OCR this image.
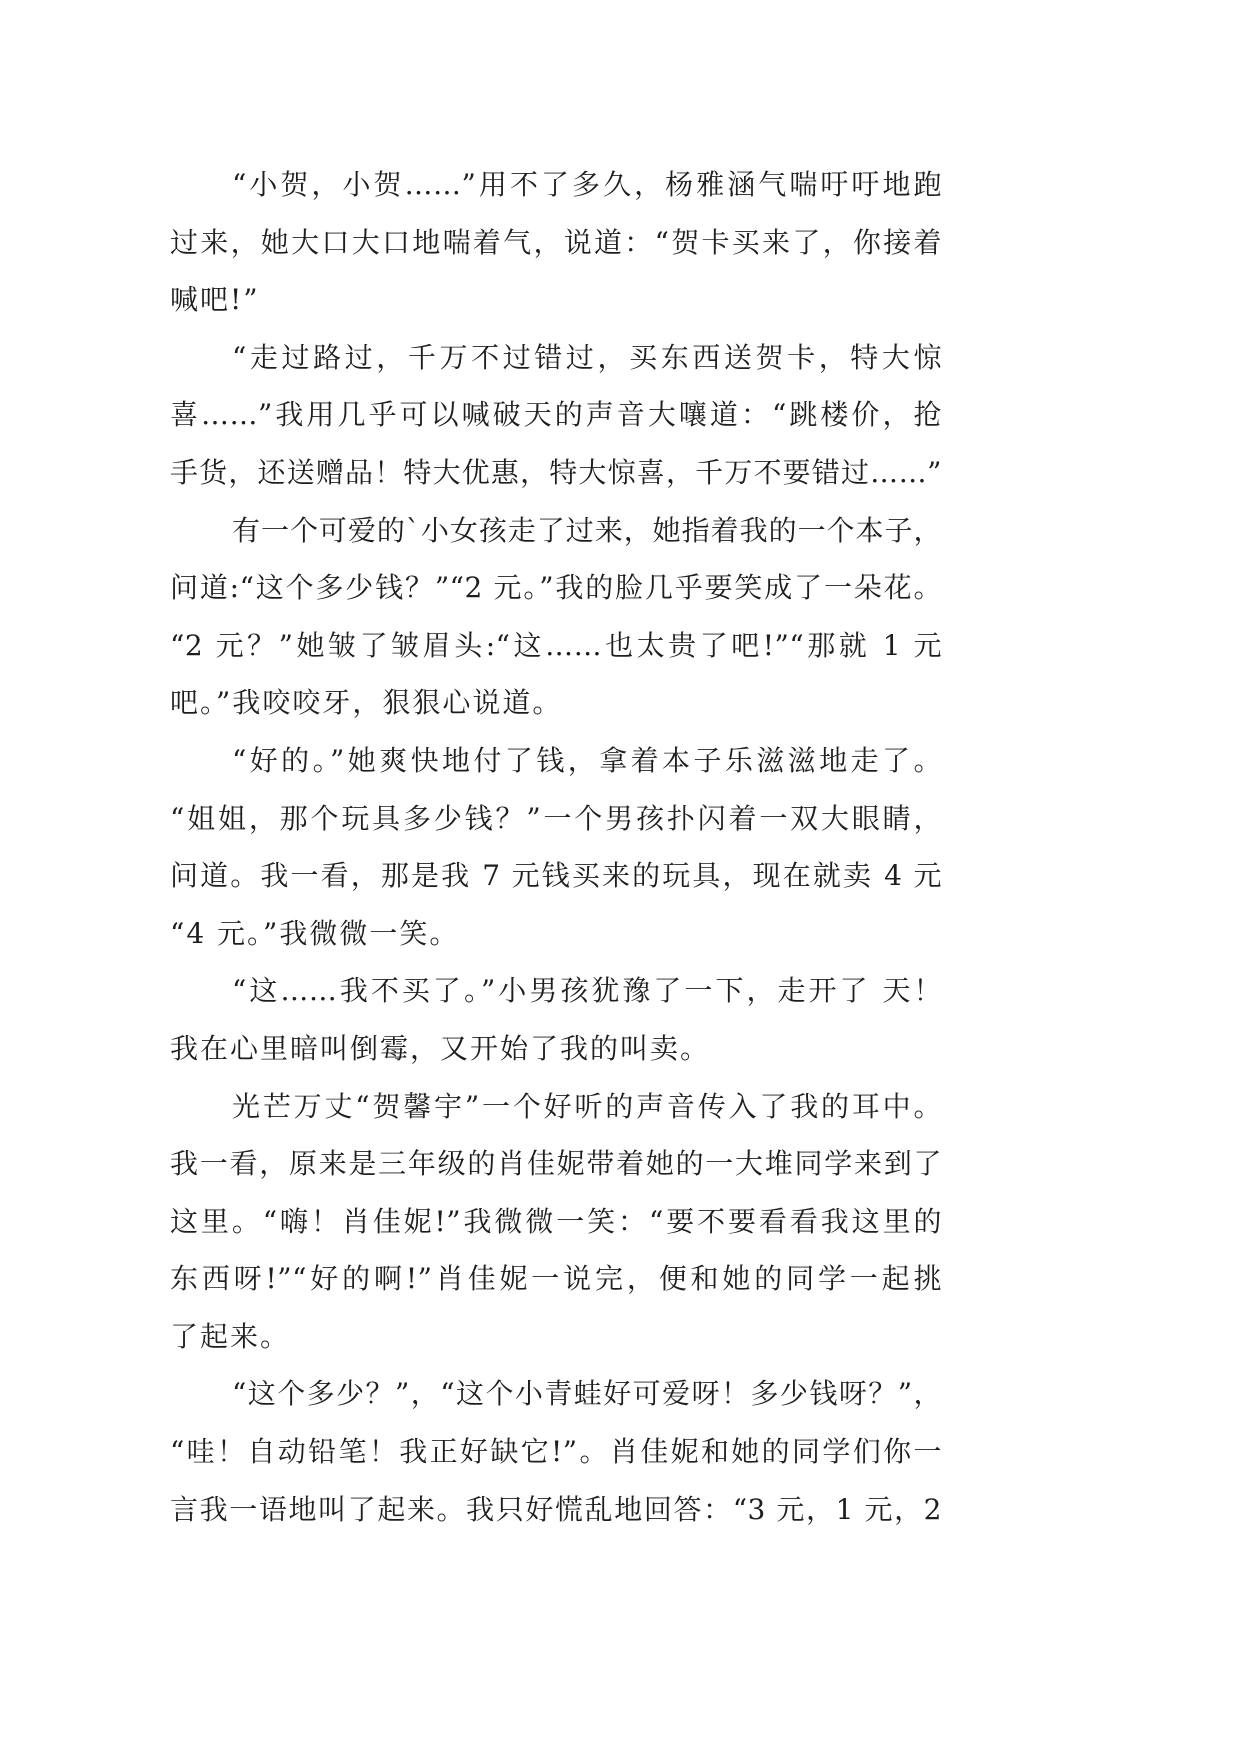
“小贺，小贺……”用不了多久，杨雅涵气喘吁吁地跑
过来，她大口大口地喘着气，说道：“贺卡买来了，你接着
喊吧!”
“走过路过，千万不过错过，买东西送贺卡，特大惊
喜……”我用几乎可以喊破天的声音大嚷道：“跳楼价，抢
手货，还送赠品！特大优惠，特大惊喜，千万不要错过……”
有一个可爱的`小女孩走了过来，她指着我的一个本子，
问道:“这个多少钱？”“2 元。”我的脸几乎要笑成了一朵花。
“2 元？”她皱了皱眉头:“这……也太贵了吧!”“那就 1 元
吧。”我咬咬牙，狠狠心说道。
“好的。”她爽快地付了钱，拿着本子乐滋滋地走了。
“姐姐，那个玩具多少钱？”一个男孩扑闪着一双大眼睛，
问道。我一看，那是我 7 元钱买来的玩具，现在就卖 4 元
“4 元。”我微微一笑。
“这……我不买了。”小男孩犹豫了一下，走开了 天！
我在心里暗叫倒霉，又开始了我的叫卖。
光芒万丈“贺馨宇”一个好听的声音传入了我的耳中。
我一看，原来是三年级的肖佳妮带着她的一大堆同学来到了
这里。“嗨！肖佳妮!”我微微一笑：“要不要看看我这里的
东西呀!”“好的啊!”肖佳妮一说完，便和她的同学一起挑
了起来。
“这个多少？”，“这个小青蛙好可爱呀！多少钱呀？”，
“哇！自动铅笔！我正好缺它!”。肖佳妮和她的同学们你一
言我一语地叫了起来。我只好慌乱地回答：“3 元，1 元，2
